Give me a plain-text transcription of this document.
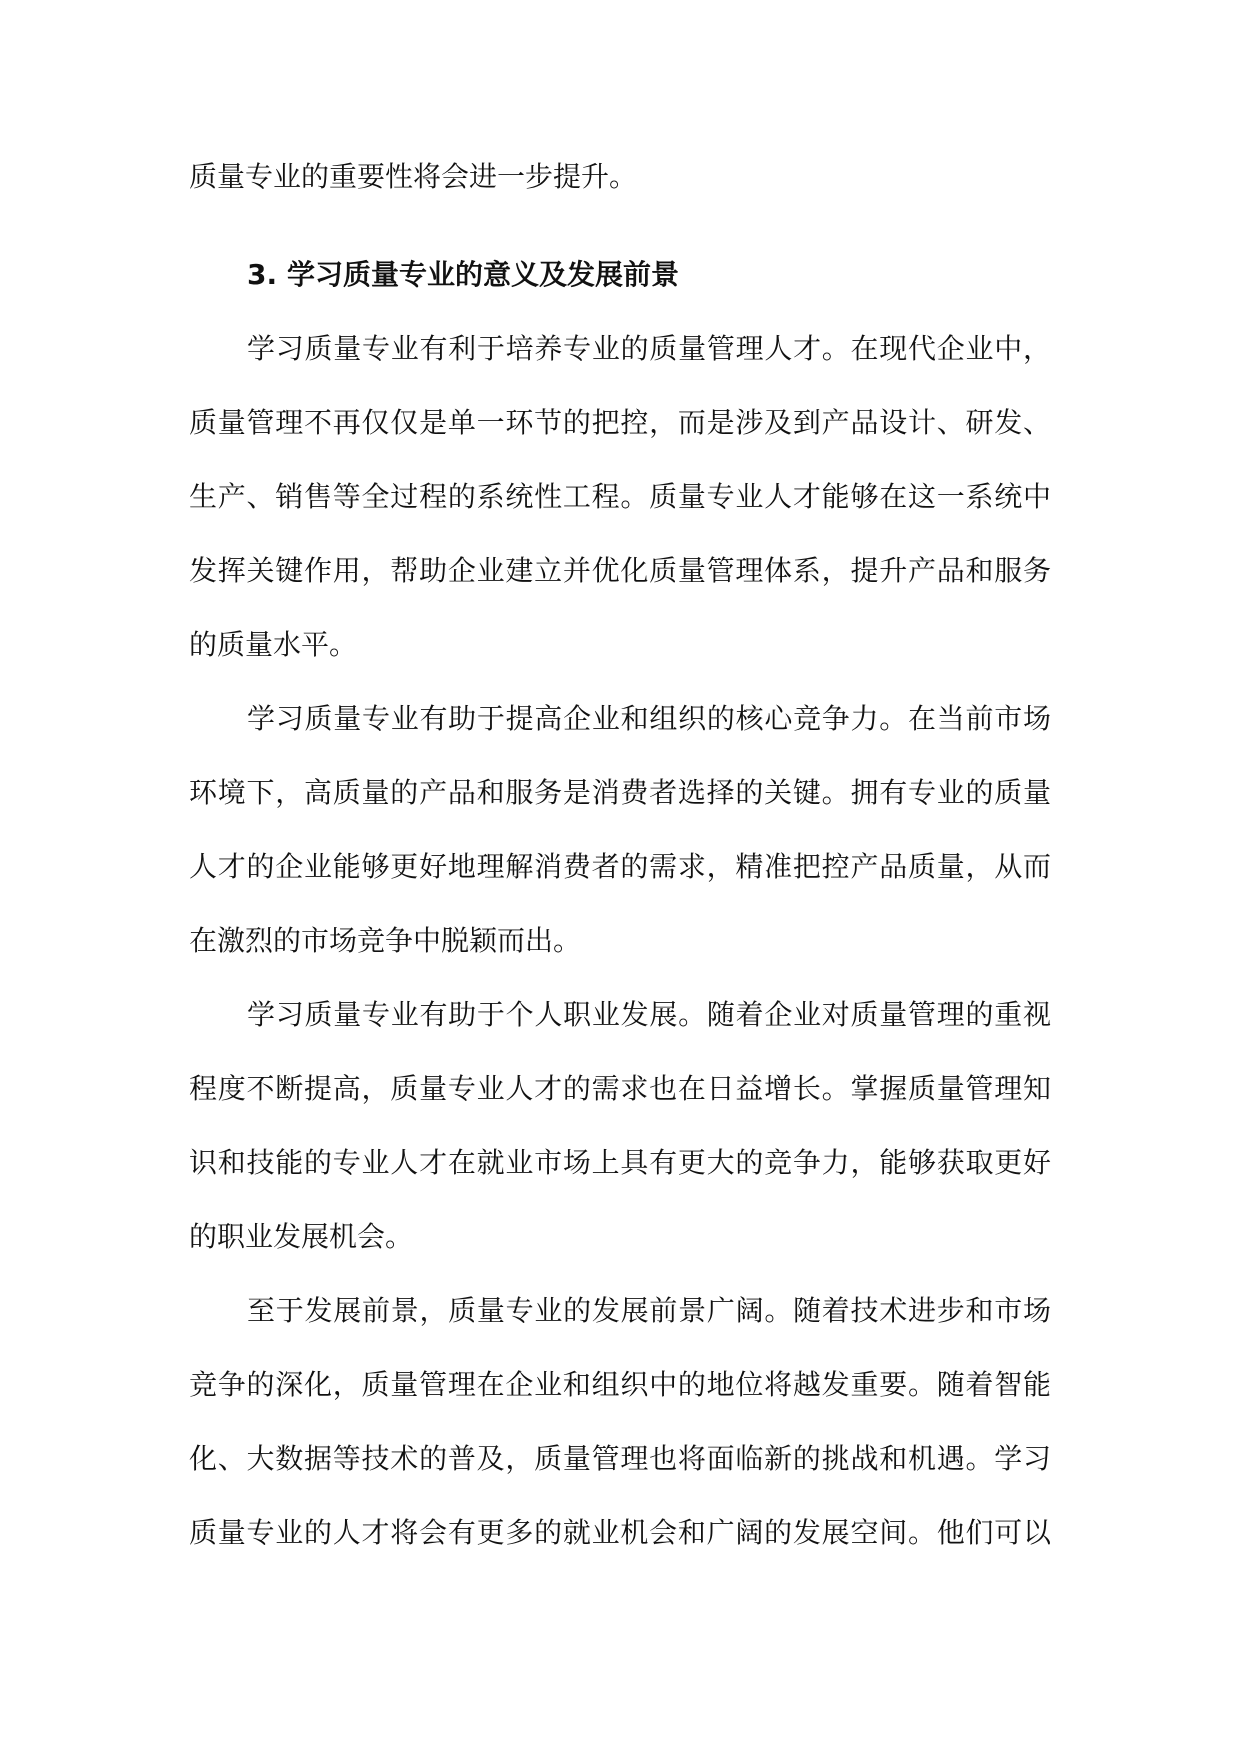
质量专业的重要性将会进一步提升。
3. 学习质量专业的意义及发展前景
学习质量专业有利于培养专业的质量管理人才。在现代企业中，
质量管理不再仅仅是单一环节的把控，而是涉及到产品设计、研发、
生产、销售等全过程的系统性工程。质量专业人才能够在这一系统中
发挥关键作用，帮助企业建立并优化质量管理体系，提升产品和服务
的质量水平。
学习质量专业有助于提高企业和组织的核心竞争力。在当前市场
环境下，高质量的产品和服务是消费者选择的关键。拥有专业的质量
人才的企业能够更好地理解消费者的需求，精准把控产品质量，从而
在激烈的市场竞争中脱颖而出。
学习质量专业有助于个人职业发展。随着企业对质量管理的重视
程度不断提高，质量专业人才的需求也在日益增长。掌握质量管理知
识和技能的专业人才在就业市场上具有更大的竞争力，能够获取更好
的职业发展机会。
至于发展前景，质量专业的发展前景广阔。随着技术进步和市场
竞争的深化，质量管理在企业和组织中的地位将越发重要。随着智能
化、大数据等技术的普及，质量管理也将面临新的挑战和机遇。学习
质量专业的人才将会有更多的就业机会和广阔的发展空间。他们可以
